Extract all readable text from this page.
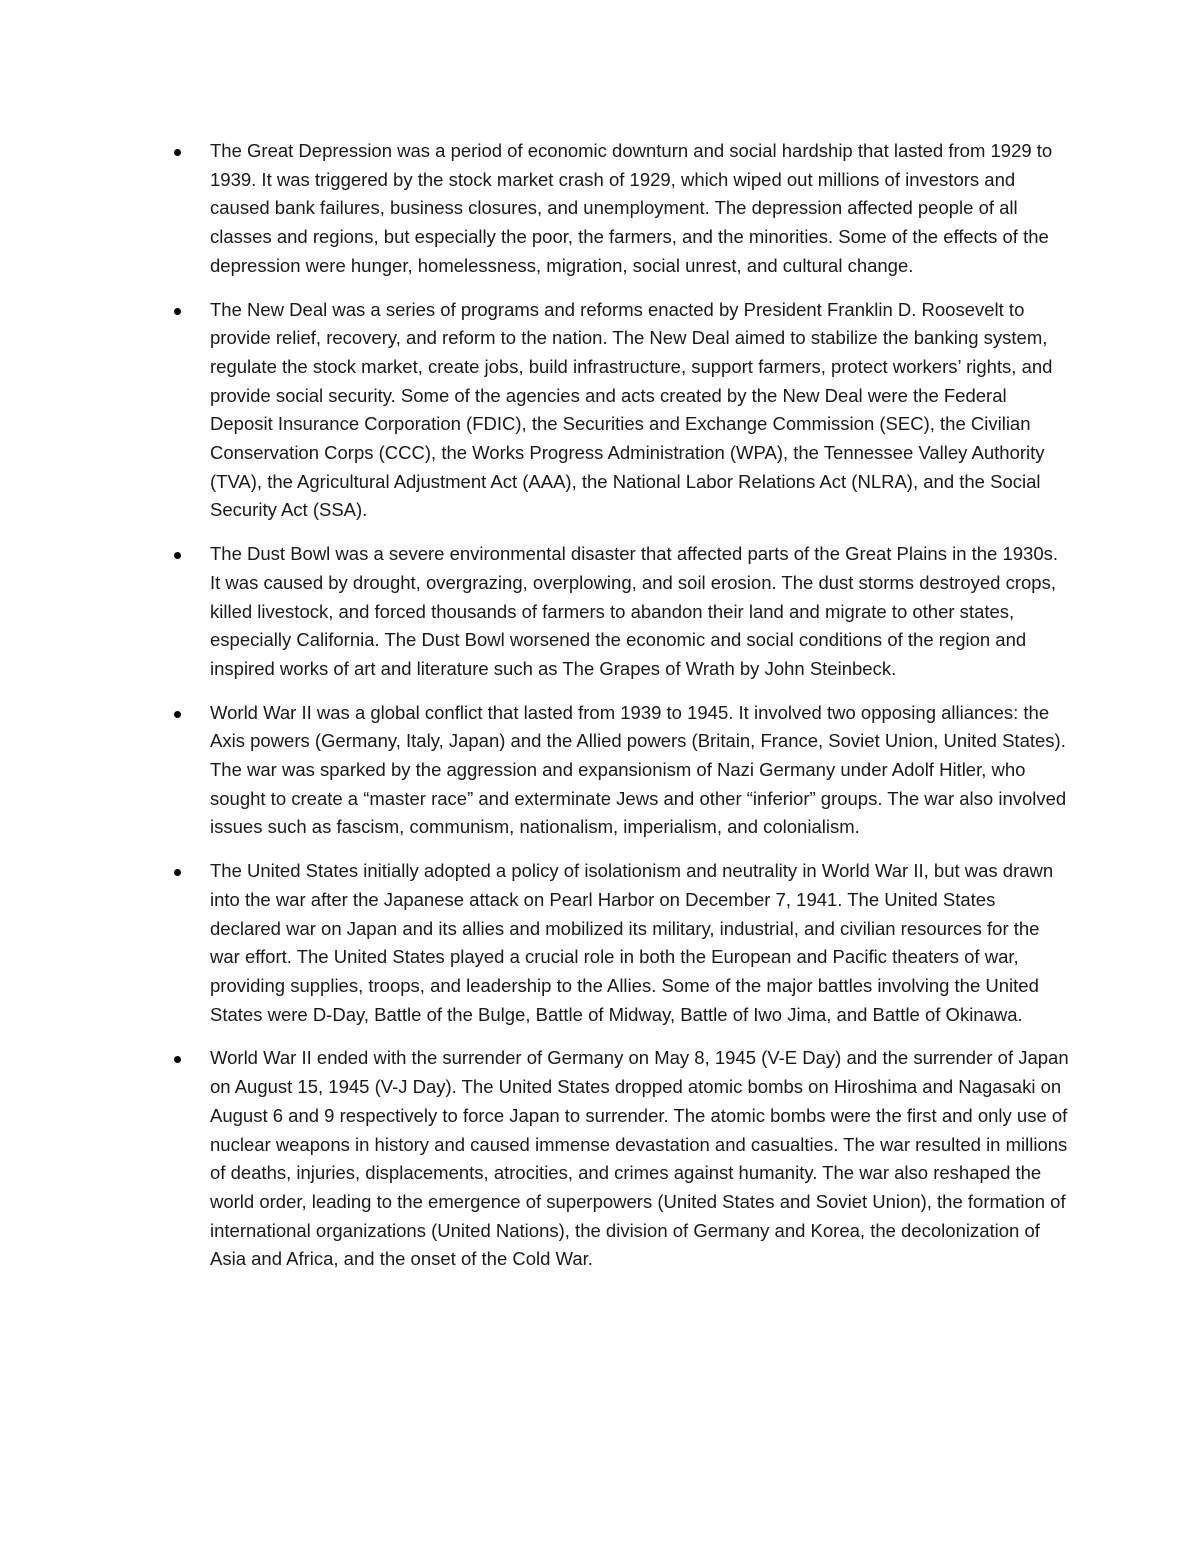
The Great Depression was a period of economic downturn and social hardship that lasted from 1929 to 1939. It was triggered by the stock market crash of 1929, which wiped out millions of investors and caused bank failures, business closures, and unemployment. The depression affected people of all classes and regions, but especially the poor, the farmers, and the minorities. Some of the effects of the depression were hunger, homelessness, migration, social unrest, and cultural change.
The New Deal was a series of programs and reforms enacted by President Franklin D. Roosevelt to provide relief, recovery, and reform to the nation. The New Deal aimed to stabilize the banking system, regulate the stock market, create jobs, build infrastructure, support farmers, protect workers’ rights, and provide social security. Some of the agencies and acts created by the New Deal were the Federal Deposit Insurance Corporation (FDIC), the Securities and Exchange Commission (SEC), the Civilian Conservation Corps (CCC), the Works Progress Administration (WPA), the Tennessee Valley Authority (TVA), the Agricultural Adjustment Act (AAA), the National Labor Relations Act (NLRA), and the Social Security Act (SSA).
The Dust Bowl was a severe environmental disaster that affected parts of the Great Plains in the 1930s. It was caused by drought, overgrazing, overplowing, and soil erosion. The dust storms destroyed crops, killed livestock, and forced thousands of farmers to abandon their land and migrate to other states, especially California. The Dust Bowl worsened the economic and social conditions of the region and inspired works of art and literature such as The Grapes of Wrath by John Steinbeck.
World War II was a global conflict that lasted from 1939 to 1945. It involved two opposing alliances: the Axis powers (Germany, Italy, Japan) and the Allied powers (Britain, France, Soviet Union, United States). The war was sparked by the aggression and expansionism of Nazi Germany under Adolf Hitler, who sought to create a “master race” and exterminate Jews and other “inferior” groups. The war also involved issues such as fascism, communism, nationalism, imperialism, and colonialism.
The United States initially adopted a policy of isolationism and neutrality in World War II, but was drawn into the war after the Japanese attack on Pearl Harbor on December 7, 1941. The United States declared war on Japan and its allies and mobilized its military, industrial, and civilian resources for the war effort. The United States played a crucial role in both the European and Pacific theaters of war, providing supplies, troops, and leadership to the Allies. Some of the major battles involving the United States were D-Day, Battle of the Bulge, Battle of Midway, Battle of Iwo Jima, and Battle of Okinawa.
World War II ended with the surrender of Germany on May 8, 1945 (V-E Day) and the surrender of Japan on August 15, 1945 (V-J Day). The United States dropped atomic bombs on Hiroshima and Nagasaki on August 6 and 9 respectively to force Japan to surrender. The atomic bombs were the first and only use of nuclear weapons in history and caused immense devastation and casualties. The war resulted in millions of deaths, injuries, displacements, atrocities, and crimes against humanity. The war also reshaped the world order, leading to the emergence of superpowers (United States and Soviet Union), the formation of international organizations (United Nations), the division of Germany and Korea, the decolonization of Asia and Africa, and the onset of the Cold War.
